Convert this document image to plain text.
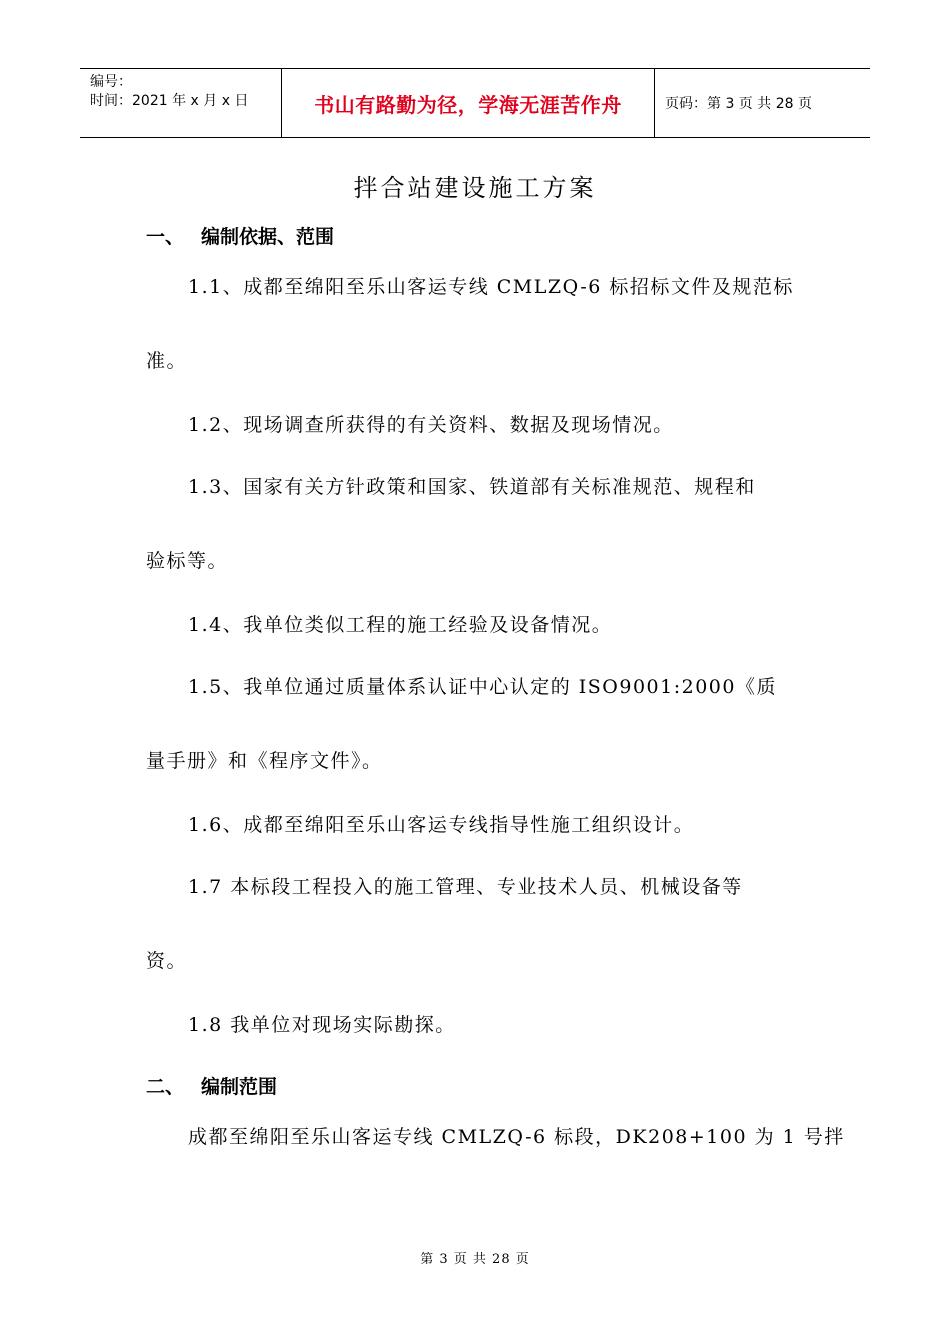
编号：
时间：2021 年 x 月 x 日	书山有路勤为径，学海无涯苦作舟	页码：第 3 页 共 28 页
拌合站建设施工方案
一、 编制依据、范围
1.1、成都至绵阳至乐山客运专线 CMLZQ-6 标招标文件及规范标
准。
1.2、现场调查所获得的有关资料、数据及现场情况。
1.3、国家有关方针政策和国家、铁道部有关标准规范、规程和
验标等。
1.4、我单位类似工程的施工经验及设备情况。
1.5、我单位通过质量体系认证中心认定的 ISO9001:2000《质
量手册》和《程序文件》。
1.6、成都至绵阳至乐山客运专线指导性施工组织设计。
1.7 本标段工程投入的施工管理、专业技术人员、机械设备等
资。
1.8 我单位对现场实际勘探。
二、 编制范围
成都至绵阳至乐山客运专线 CMLZQ-6 标段，DK208+100 为 1 号拌
第 3 页 共 28 页
